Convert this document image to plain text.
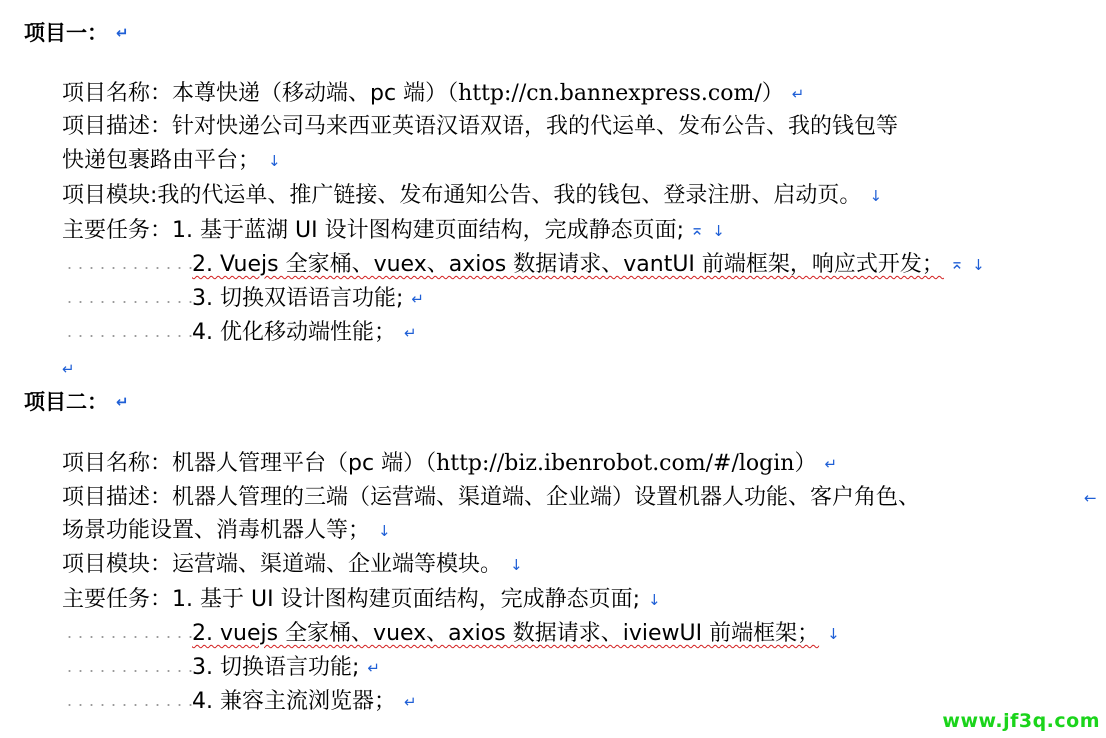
项目一： ↵
项目名称：本尊快递（移动端、pc 端）（http://cn.bannexpress.com/） ↵
项目描述：针对快递公司马来西亚英语汉语双语，我的代运单、发布公告、我的钱包等
快递包裹路由平台； ↓
项目模块:我的代运单、推广链接、发布通知公告、我的钱包、登录注册、启动页。 ↓
主要任务：1. 基于蓝湖 UI 设计图构建页面结构，完成静态页面; ⌅ ↓
2. Vuejs 全家桶、vuex、axios 数据请求、vantUI 前端框架，响应式开发； ⌅ ↓
3. 切换双语语言功能; ↵
4. 优化移动端性能； ↵
↵
项目二： ↵
项目名称：机器人管理平台（pc 端）（http://biz.ibenrobot.com/#/login） ↵
项目描述：机器人管理的三端（运营端、渠道端、企业端）设置机器人功能、客户角色、	←
场景功能设置、消毒机器人等； ↓
项目模块：运营端、渠道端、企业端等模块。 ↓
主要任务：1. 基于 UI 设计图构建页面结构，完成静态页面; ↓
2. vuejs 全家桶、vuex、axios 数据请求、iviewUI 前端框架； ↓
3. 切换语言功能; ↵
4. 兼容主流浏览器； ↵
www.jf3q.com
